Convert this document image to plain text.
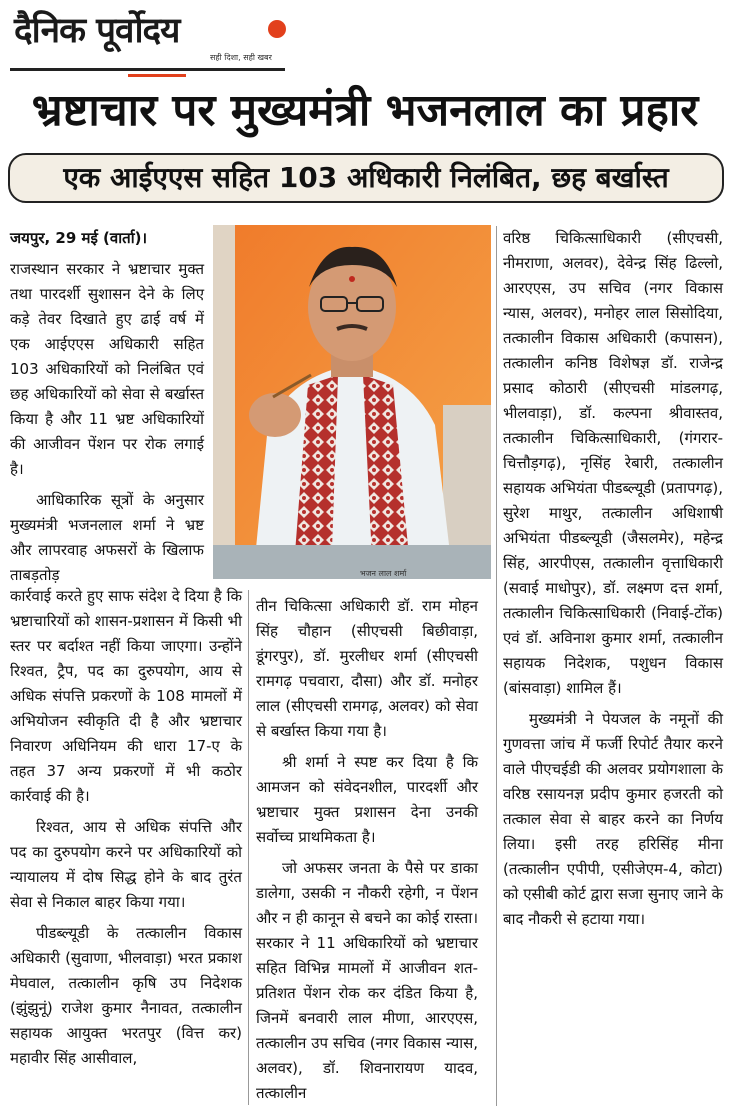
दैनिक पूर्वोदय
सही दिशा, सही खबर
भ्रष्टाचार पर मुख्यमंत्री भजनलाल का प्रहार
एक आईएएस सहित 103 अधिकारी निलंबित, छह बर्खास्त

जयपुर, 29 मई (वार्ता)।

राजस्थान सरकार ने भ्रष्टाचार मुक्त तथा पारदर्शी सुशासन देने के लिए कड़े तेवर दिखाते हुए ढाई वर्ष में एक आईएएस अधिकारी सहित 103 अधिकारियों को निलंबित एवं छह अधिकारियों को सेवा से बर्खास्त किया है और 11 भ्रष्ट अधिकारियों की आजीवन पेंशन पर रोक लगाई है।

आधिकारिक सूत्रों के अनुसार मुख्यमंत्री भजनलाल शर्मा ने भ्रष्ट और लापरवाह अफसरों के खिलाफ ताबड़तोड़	भजन लाल शर्मा

कार्रवाई करते हुए साफ संदेश दे दिया है कि भ्रष्टाचारियों को शासन-प्रशासन में किसी भी स्तर पर बर्दाश्त नहीं किया जाएगा। उन्होंने रिश्वत, ट्रैप, पद का दुरुपयोग, आय से अधिक संपत्ति प्रकरणों के 108 मामलों में अभियोजन स्वीकृति दी है और भ्रष्टाचार निवारण अधिनियम की धारा 17-ए के तहत 37 अन्य प्रकरणों में भी कठोर कार्रवाई की है।

रिश्वत, आय से अधिक संपत्ति और पद का दुरुपयोग करने पर अधिकारियों को न्यायालय में दोष सिद्ध होने के बाद तुरंत सेवा से निकाल बाहर किया गया।

पीडब्ल्यूडी के तत्कालीन विकास अधिकारी (सुवाणा, भीलवाड़ा) भरत प्रकाश मेघवाल, तत्कालीन कृषि उप निदेशक (झुंझुनूं) राजेश कुमार नैनावत, तत्कालीन सहायक आयुक्त भरतपुर (वित्त कर) महावीर सिंह आसीवाल,

तीन चिकित्सा अधिकारी डॉ. राम मोहन सिंह चौहान (सीएचसी बिछीवाड़ा, डूंगरपुर), डॉ. मुरलीधर शर्मा (सीएचसी रामगढ़ पचवारा, दौसा) और डॉ. मनोहर लाल (सीएचसी रामगढ़, अलवर) को सेवा से बर्खास्त किया गया है।

श्री शर्मा ने स्पष्ट कर दिया है कि आमजन को संवेदनशील, पारदर्शी और भ्रष्टाचार मुक्त प्रशासन देना उनकी सर्वोच्च प्राथमिकता है।

जो अफसर जनता के पैसे पर डाका डालेगा, उसकी न नौकरी रहेगी, न पेंशन और न ही कानून से बचने का कोई रास्ता। सरकार ने 11 अधिकारियों को भ्रष्टाचार सहित विभिन्न मामलों में आजीवन शत-प्रतिशत पेंशन रोक कर दंडित किया है, जिनमें बनवारी लाल मीणा, आरएएस, तत्कालीन उप सचिव (नगर विकास न्यास, अलवर), डॉ. शिवनारायण यादव, तत्कालीन

वरिष्ठ चिकित्साधिकारी (सीएचसी, नीमराणा, अलवर), देवेन्द्र सिंह ढिल्लो, आरएएस, उप सचिव (नगर विकास न्यास, अलवर), मनोहर लाल सिसोदिया, तत्कालीन विकास अधिकारी (कपासन), तत्कालीन कनिष्ठ विशेषज्ञ डॉ. राजेन्द्र प्रसाद कोठारी (सीएचसी मांडलगढ़, भीलवाड़ा), डॉ. कल्पना श्रीवास्तव, तत्कालीन चिकित्साधिकारी, (गंगरार-चित्तौड़गढ़), नृसिंह रेबारी, तत्कालीन सहायक अभियंता पीडब्ल्यूडी (प्रतापगढ़), सुरेश माथुर, तत्कालीन अधिशाषी अभियंता पीडब्ल्यूडी (जैसलमेर), महेन्द्र सिंह, आरपीएस, तत्कालीन वृत्ताधिकारी (सवाई माधोपुर), डॉ. लक्ष्मण दत्त शर्मा, तत्कालीन चिकित्साधिकारी (निवाई-टोंक) एवं डॉ. अविनाश कुमार शर्मा, तत्कालीन सहायक निदेशक, पशुधन विकास (बांसवाड़ा) शामिल हैं।

मुख्यमंत्री ने पेयजल के नमूनों की गुणवत्ता जांच में फर्जी रिपोर्ट तैयार करने वाले पीएचईडी की अलवर प्रयोगशाला के वरिष्ठ रसायनज्ञ प्रदीप कुमार हजरती को तत्काल सेवा से बाहर करने का निर्णय लिया। इसी तरह हरिसिंह मीना (तत्कालीन एपीपी, एसीजेएम-4, कोटा) को एसीबी कोर्ट द्वारा सजा सुनाए जाने के बाद नौकरी से हटाया गया।
